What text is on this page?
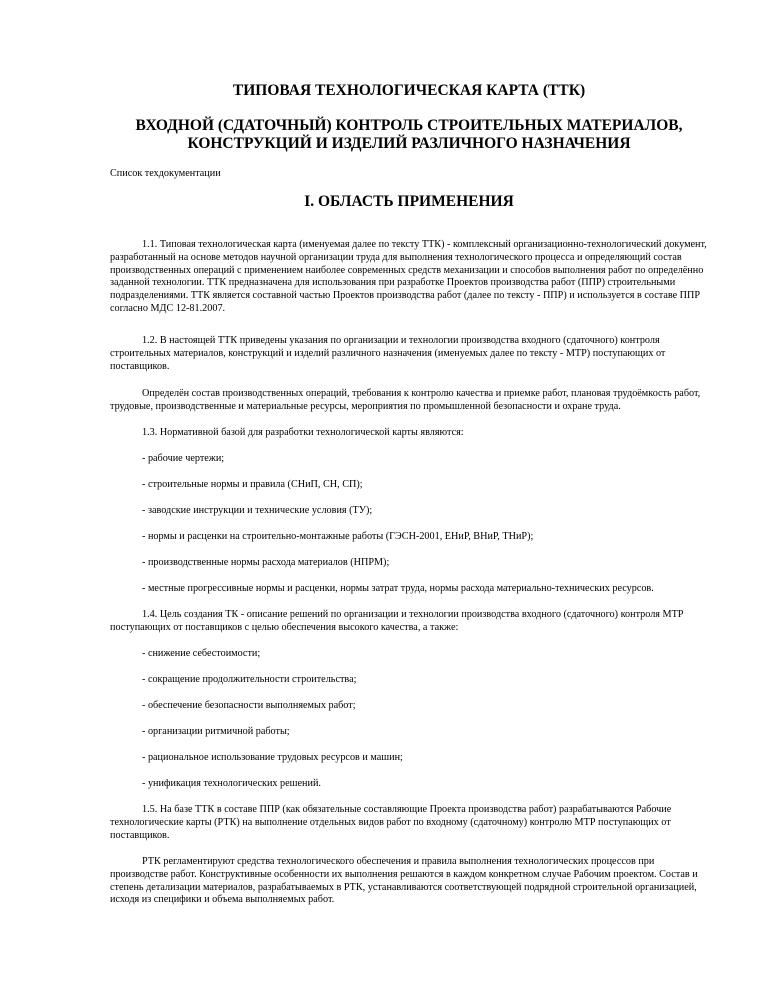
ТИПОВАЯ ТЕХНОЛОГИЧЕСКАЯ КАРТА (ТТК)
ВХОДНОЙ (СДАТОЧНЫЙ) КОНТРОЛЬ СТРОИТЕЛЬНЫХ МАТЕРИАЛОВ,
КОНСТРУКЦИЙ И ИЗДЕЛИЙ РАЗЛИЧНОГО НАЗНАЧЕНИЯ
Список техдокументации
I. ОБЛАСТЬ ПРИМЕНЕНИЯ

1.1. Типовая технологическая карта (именуемая далее по тексту ТТК) - комплексный организационно-технологический документ, разработанный на основе методов научной организации труда для выполнения технологического процесса и определяющий состав производственных операций с применением наиболее современных средств механизации и способов выполнения работ по определённо заданной технологии. ТТК предназначена для использования при разработке Проектов производства работ (ППР) строительными подразделениями. ТТК является составной частью Проектов производства работ (далее по тексту - ППР) и используется в составе ППР согласно МДС 12-81.2007.

1.2. В настоящей ТТК приведены указания по организации и технологии производства входного (сдаточного) контроля строительных материалов, конструкций и изделий различного назначения (именуемых далее по тексту - МТР) поступающих от поставщиков.

Определён состав производственных операций, требования к контролю качества и приемке работ, плановая трудоёмкость работ, трудовые, производственные и материальные ресурсы, мероприятия по промышленной безопасности и охране труда.

1.3. Нормативной базой для разработки технологической карты являются:

- рабочие чертежи;

- строительные нормы и правила (СНиП, СН, СП);

- заводские инструкции и технические условия (ТУ);

- нормы и расценки на строительно-монтажные работы (ГЭСН-2001, ЕНиР, ВНиР, ТНиР);

- производственные нормы расхода материалов (НПРМ);

- местные прогрессивные нормы и расценки, нормы затрат труда, нормы расхода материально-технических ресурсов.

1.4. Цель создания ТК - описание решений по организации и технологии производства входного (сдаточного) контроля МТР поступающих от поставщиков с целью обеспечения высокого качества, а также:

- снижение себестоимости;

- сокращение продолжительности строительства;

- обеспечение безопасности выполняемых работ;

- организации ритмичной работы;

- рациональное использование трудовых ресурсов и машин;

- унификация технологических решений.

1.5. На базе ТТК в составе ППР (как обязательные составляющие Проекта производства работ) разрабатываются Рабочие технологические карты (РТК) на выполнение отдельных видов работ по входному (сдаточному) контролю МТР поступающих от поставщиков.

РТК регламентируют средства технологического обеспечения и правила выполнения технологических процессов при производстве работ. Конструктивные особенности их выполнения решаются в каждом конкретном случае Рабочим проектом. Состав и степень детализации материалов, разрабатываемых в РТК, устанавливаются соответствующей подрядной строительной организацией, исходя из специфики и объема выполняемых работ.
